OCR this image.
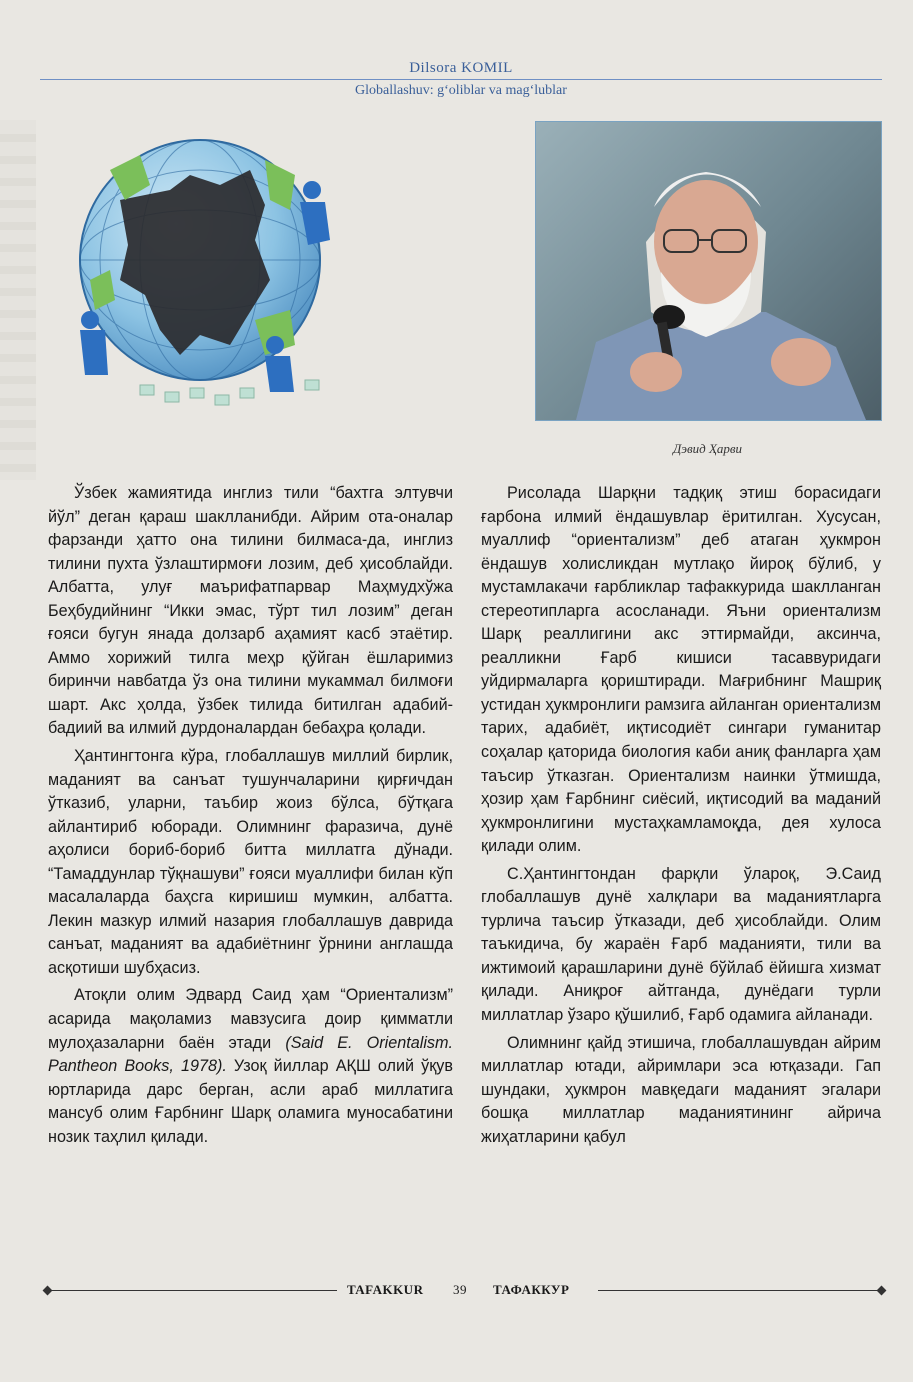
Dilsora KOMIL
Globallashuv: g‘oliblar va mag‘lublar
Дэвид Ҳарви

Ўзбек жамиятида инглиз тили “бахтга элтувчи йўл” деган қараш шаклланибди. Айрим ота-оналар фарзанди ҳатто она тилини билмаса-да, инглиз тилини пухта ўзлаштирмоғи лозим, деб ҳисоблайди. Албатта, улуғ маърифатпарвар Маҳмудхўжа Беҳбудийнинг “Икки эмас, тўрт тил лозим” деган ғояси бугун янада долзарб аҳамият касб этаётир. Аммо хорижий тилга меҳр қўйган ёшларимиз биринчи навбатда ўз она тилини мукаммал билмоғи шарт. Акс ҳолда, ўзбек тилида битилган адабий-бадиий ва илмий дурдоналардан бебаҳра қолади.

Ҳантингтонга кўра, глобаллашув миллий бирлик, маданият ва санъат тушунчаларини қирғичдан ўтказиб, уларни, таъбир жоиз бўлса, бўтқага айлантириб юборади. Олимнинг фаразича, дунё аҳолиси бориб-бориб битта миллатга дўнади. “Тамаддунлар тўқнашуви” ғояси муаллифи билан кўп масалаларда баҳсга киришиш мумкин, албатта. Лекин мазкур илмий назария глобаллашув даврида санъат, маданият ва адабиётнинг ўрнини англашда асқотиши шубҳасиз.

Атоқли олим Эдвард Саид ҳам “Ориентализм” асарида мақоламиз мавзусига доир қимматли мулоҳазаларни баён этади (Said E. Orientalism. Pantheon Books, 1978). Узоқ йиллар АҚШ олий ўқув юртларида дарс берган, асли араб миллатига мансуб олим Ғарбнинг Шарқ оламига муносабатини нозик таҳлил қилади.

Рисолада Шарқни тадқиқ этиш борасидаги ғарбона илмий ёндашувлар ёритилган. Хусусан, муаллиф “ориентализм” деб атаган ҳукмрон ёндашув холисликдан мутлақо йироқ бўлиб, у мустамлакачи ғарбликлар тафаккурида шаклланган стереотипларга асосланади. Яъни ориентализм Шарқ реаллигини акс эттирмайди, аксинча, реалликни Ғарб кишиси тасаввуридаги уйдирмаларга қориштиради. Мағрибнинг Машриқ устидан ҳукмронлиги рамзига айланган ориентализм тарих, адабиёт, иқтисодиёт сингари гуманитар соҳалар қаторида биология каби аниқ фанларга ҳам таъсир ўтказган. Ориентализм наинки ўтмишда, ҳозир ҳам Ғарбнинг сиёсий, иқтисодий ва маданий ҳукмронлигини мустаҳкамламоқда, дея хулоса қилади олим.

С.Ҳантингтондан фарқли ўлароқ, Э.Саид глобаллашув дунё халқлари ва маданиятларга турлича таъсир ўтказади, деб ҳисоблайди. Олим таъкидича, бу жараён Ғарб маданияти, тили ва ижтимоий қарашларини дунё бўйлаб ёйишга хизмат қилади. Аниқроғ айтганда, дунёдаги турли миллатлар ўзаро қўшилиб, Ғарб одамига айланади.

Олимнинг қайд этишича, глобаллашувдан айрим миллатлар ютади, айримлари эса ютқазади. Гап шундаки, ҳукмрон мавқедаги маданият эгалари бошқа миллатлар маданиятининг айрича жиҳатларини қабул

TAFAKKUR 39 ТАФАККУР
